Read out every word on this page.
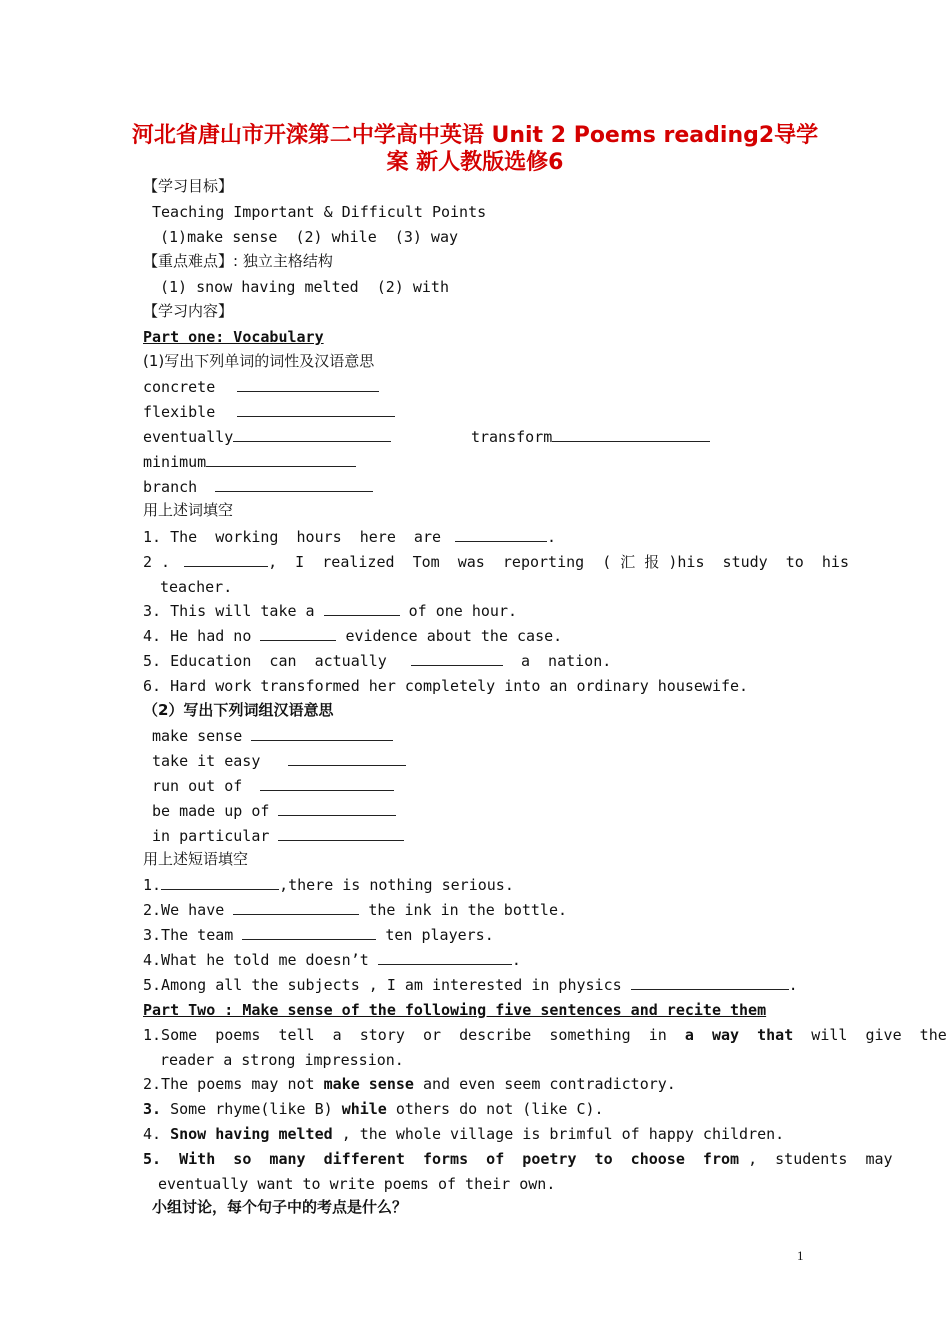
河北省唐山市开滦第二中学高中英语 Unit 2 Poems reading2导学
案 新人教版选修6
【学习目标】
Teaching Important & Difficult Points
(1)make sense  (2) while  (3) way
【重点难点】: 独立主格结构
(1) snow having melted  (2) with
【学习内容】
Part one: Vocabulary
(1)写出下列单词的词性及汉语意思
concrete
flexible
eventually	transform
minimum
branch
用上述词填空
1. The  working  hours  here  are	.
2 .	,  I  realized  Tom  was  reporting  ( 汇 报 )his  study  to  his
teacher.
3. This will take a	of one hour.
4. He had no	evidence about the case.
5. Education  can  actually	a  nation.
6. Hard work transformed her completely into an ordinary housewife.
（2）写出下列词组汉语意思
make sense
take it easy
run out of
be made up of
in particular
用上述短语填空
1.	,there is nothing serious.
2.We have	the ink in the bottle.
3.The team	ten players.
4.What he told me doesn’t	.
5.Among all the subjects , I am interested in physics	.
Part Two : Make sense of the following five sentences and recite them
1.Some  poems  tell  a  story  or  describe  something  in a  way  that will  give  the
reader a strong impression.
2.The poems may not make sense and even seem contradictory.
3. Some rhyme(like B) while others do not (like C).
4. Snow having melted , the whole village is brimful of happy children.
5.  With  so  many  different  forms  of  poetry  to  choose  from ,  students  may
eventually want to write poems of their own.
小组讨论，每个句子中的考点是什么？
1
